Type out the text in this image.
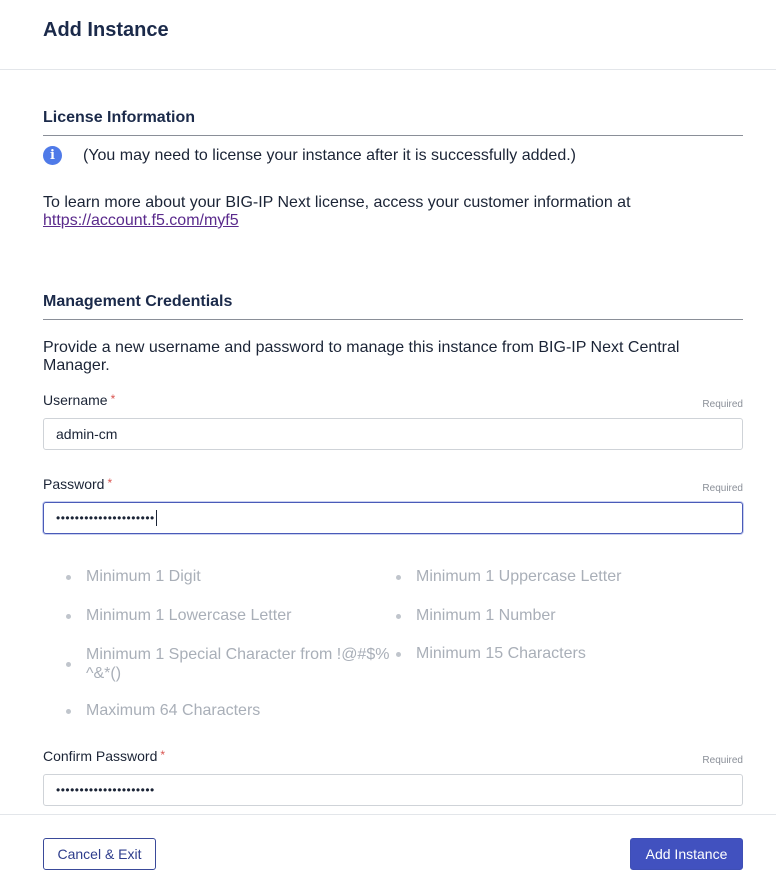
Add Instance
License Information
i	(You may need to license your instance after it is successfully added.)
To learn more about your BIG-IP Next license, access your customer information at
https://account.f5.com/myf5
Management Credentials
Provide a new username and password to manage this instance from BIG-IP Next Central Manager.
Username *	Required
admin-cm
Password *	Required
•••••••••••••••••••••
Minimum 1 Digit	Minimum 1 Uppercase Letter
Minimum 1 Lowercase Letter	Minimum 1 Number
Minimum 1 Special Character from !@#$%^&*()
Minimum 15 Characters
Maximum 64 Characters
Confirm Password *	Required
•••••••••••••••••••••
Cancel & Exit	Add Instance
